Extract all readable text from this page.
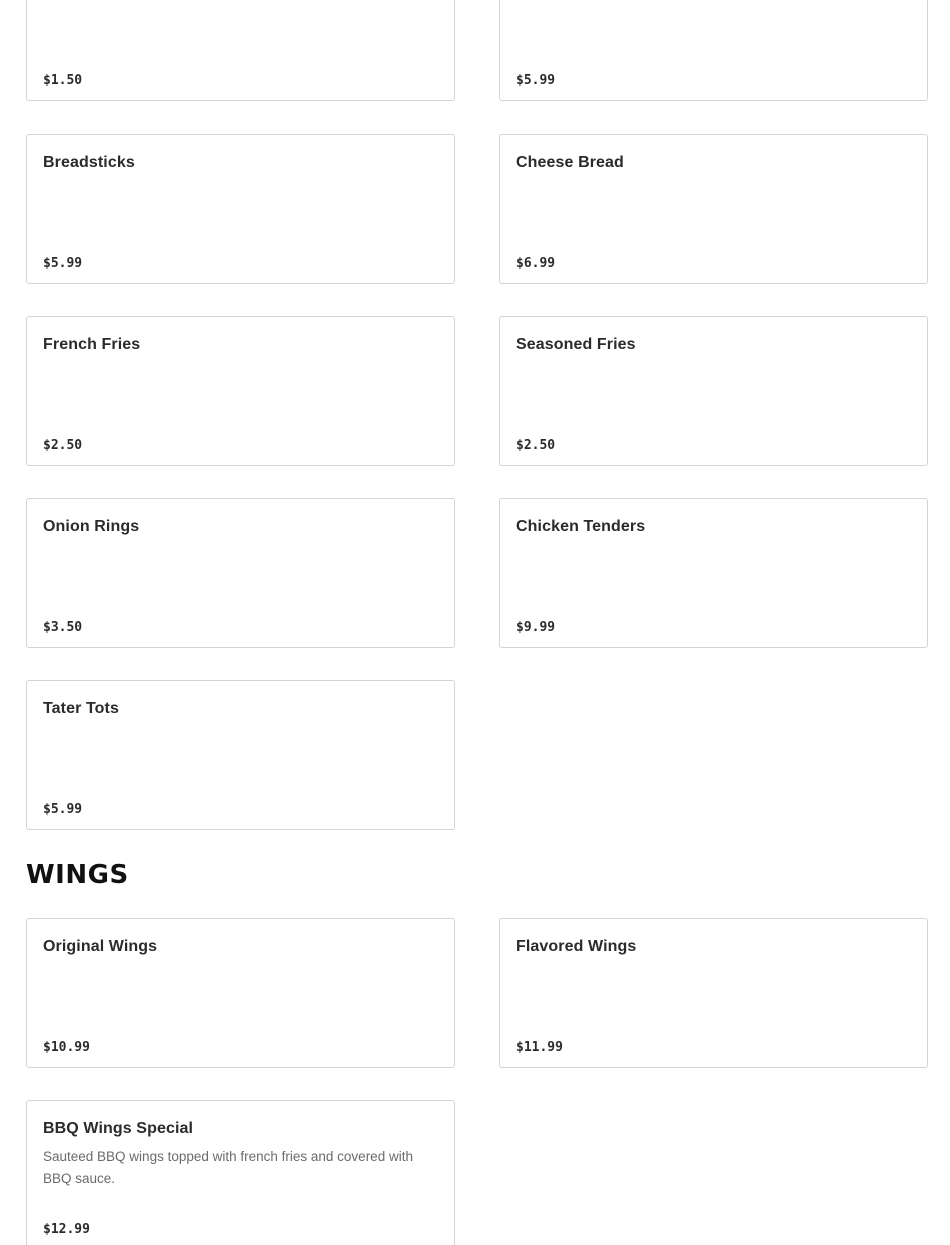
$1.50	$5.99
Breadsticks
$5.99
Cheese Bread
$6.99
French Fries
$2.50
Seasoned Fries
$2.50
Onion Rings
$3.50
Chicken Tenders
$9.99
Tater Tots
$5.99
WINGS
Original Wings
$10.99
Flavored Wings
$11.99
BBQ Wings Special
Sauteed BBQ wings topped with french fries and covered with BBQ sauce.
$12.99
